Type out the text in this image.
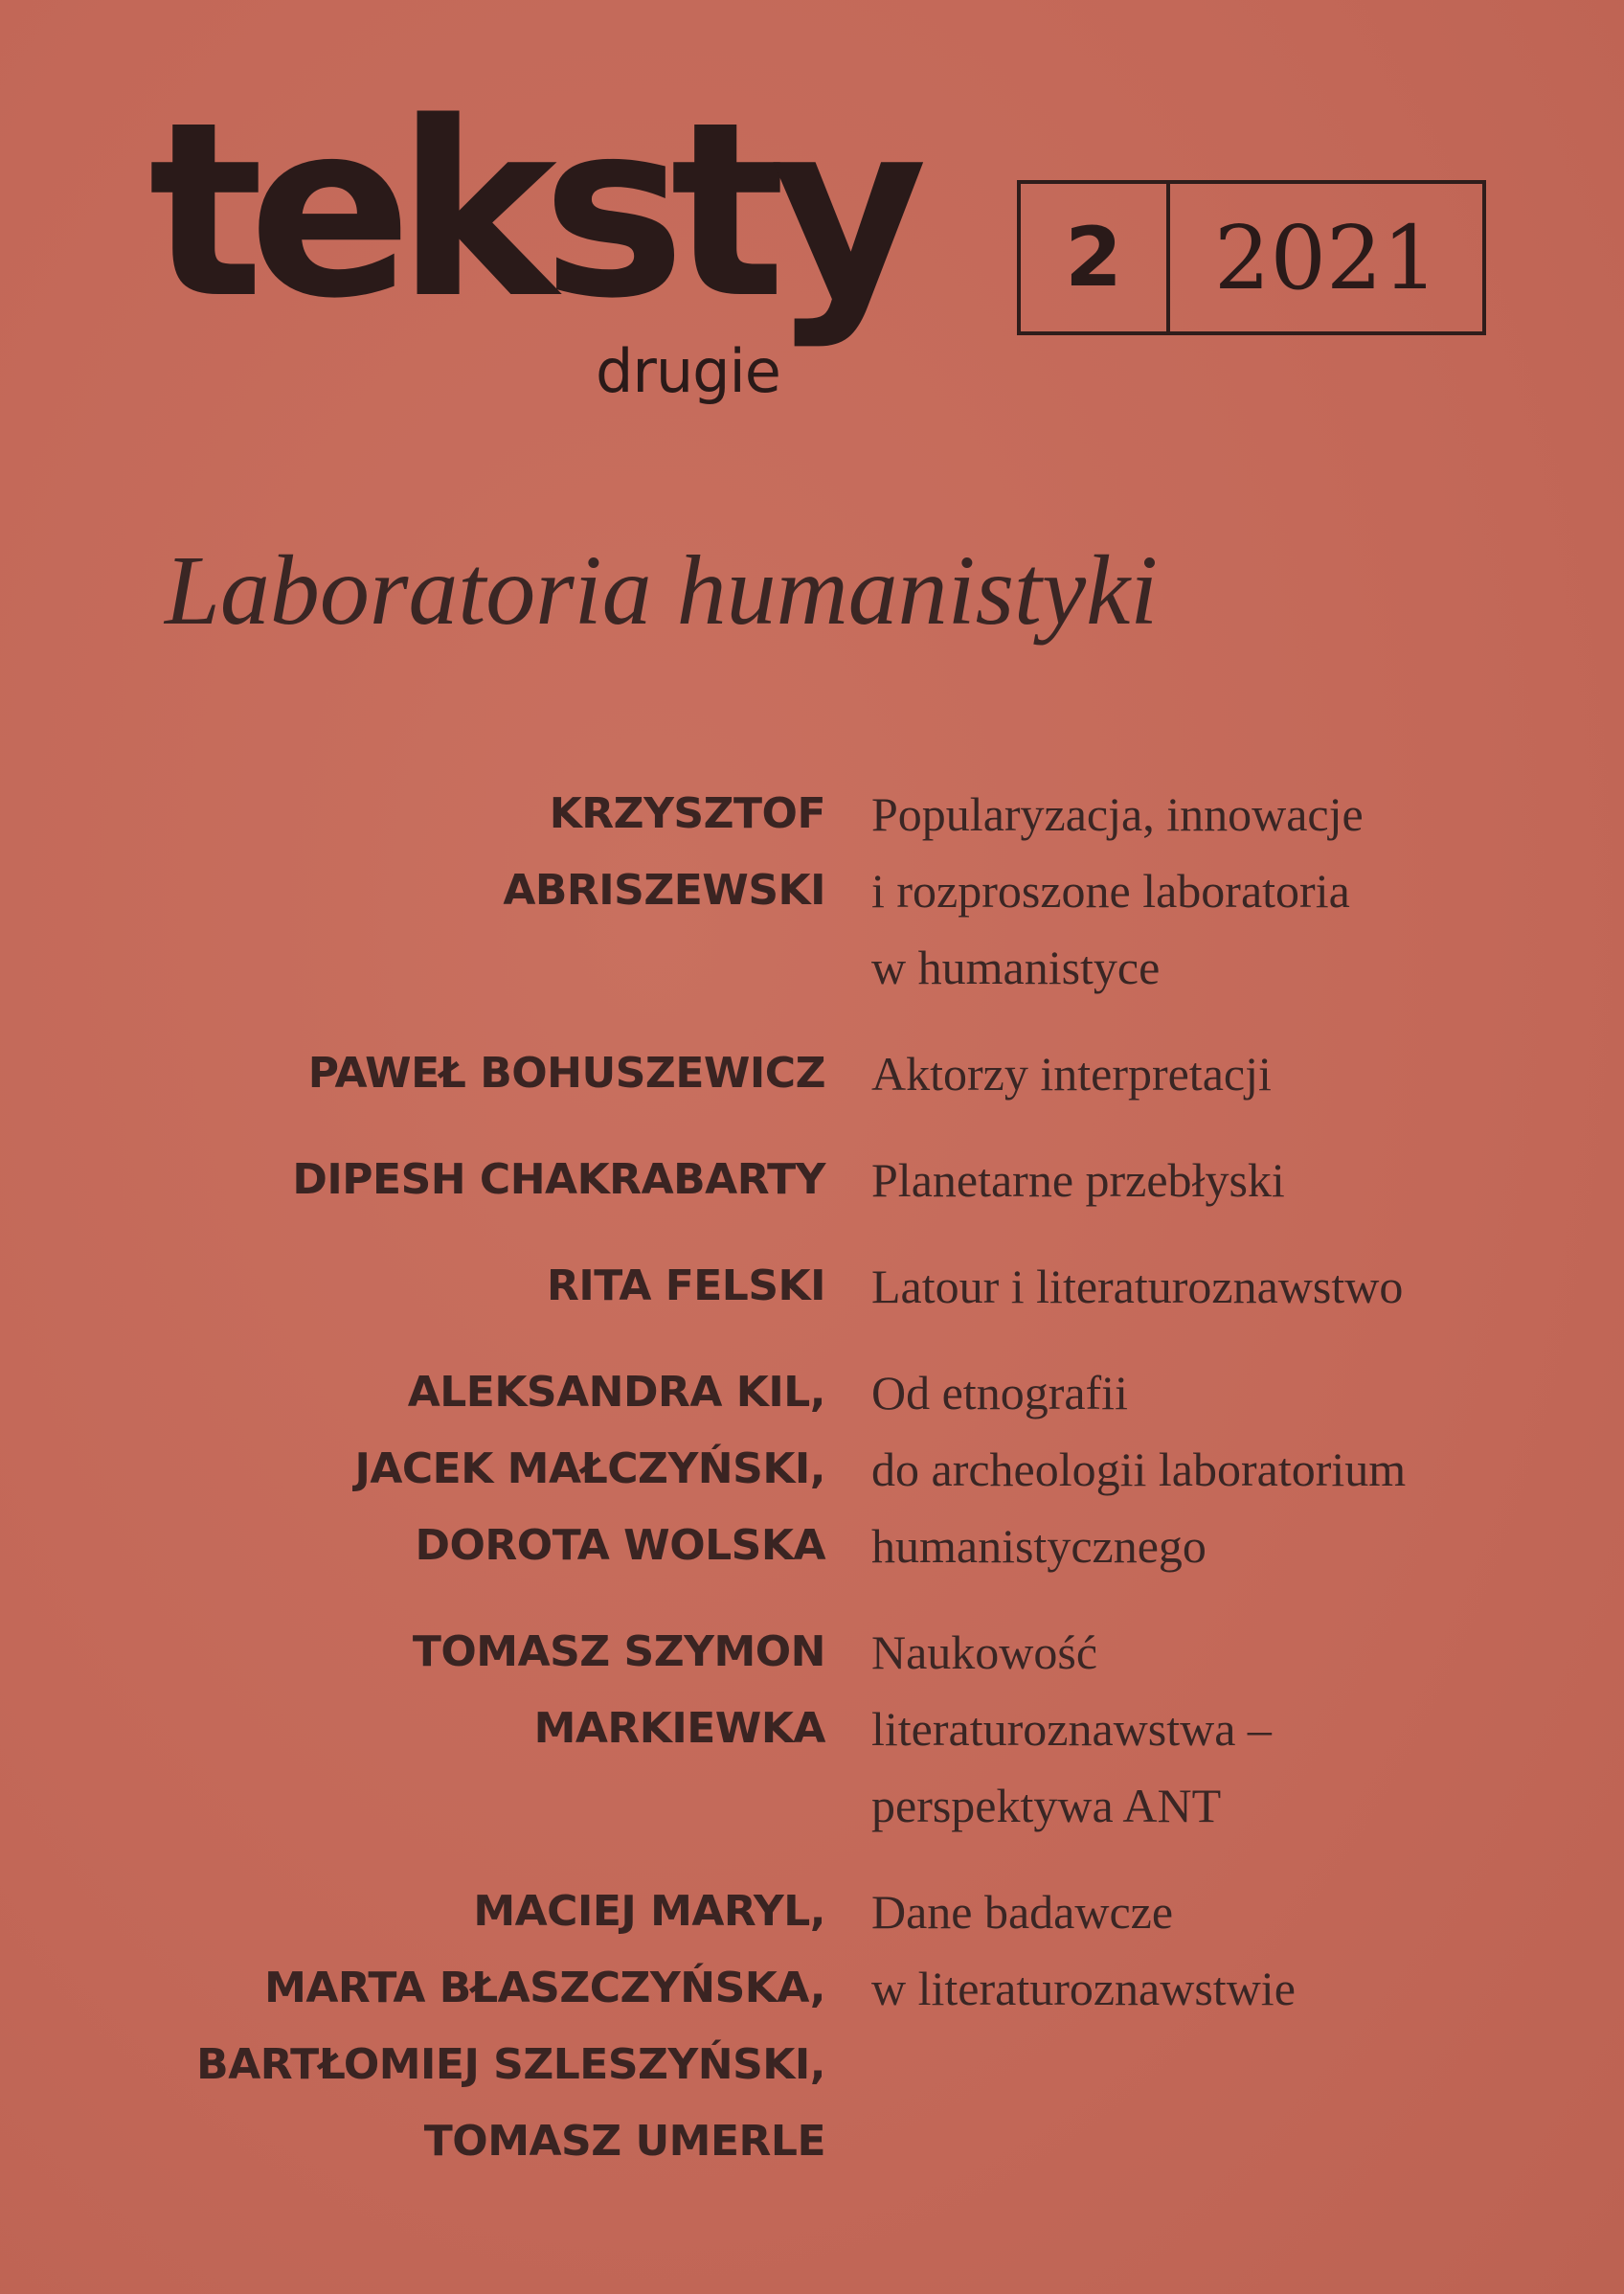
teksty
drugie
2	2021
Laboratoria humanistyki
KRZYSZTOF
ABRISZEWSKI
Popularyzacja, innowacje
i rozproszone laboratoria
w humanistyce
PAWEŁ BOHUSZEWICZ Aktorzy interpretacji
DIPESH CHAKRABARTY Planetarne przebłyski
RITA FELSKI Latour i literaturoznawstwo
ALEKSANDRA KIL,
JACEK MAŁCZYŃSKI,
DOROTA WOLSKA
Od etnografii
do archeologii laboratorium
humanistycznego
TOMASZ SZYMON
MARKIEWKA
Naukowość
literaturoznawstwa –
perspektywa ANT
MACIEJ MARYL,
MARTA BŁASZCZYŃSKA,
BARTŁOMIEJ SZLESZYŃSKI,
TOMASZ UMERLE
Dane badawcze
w literaturoznawstwie
